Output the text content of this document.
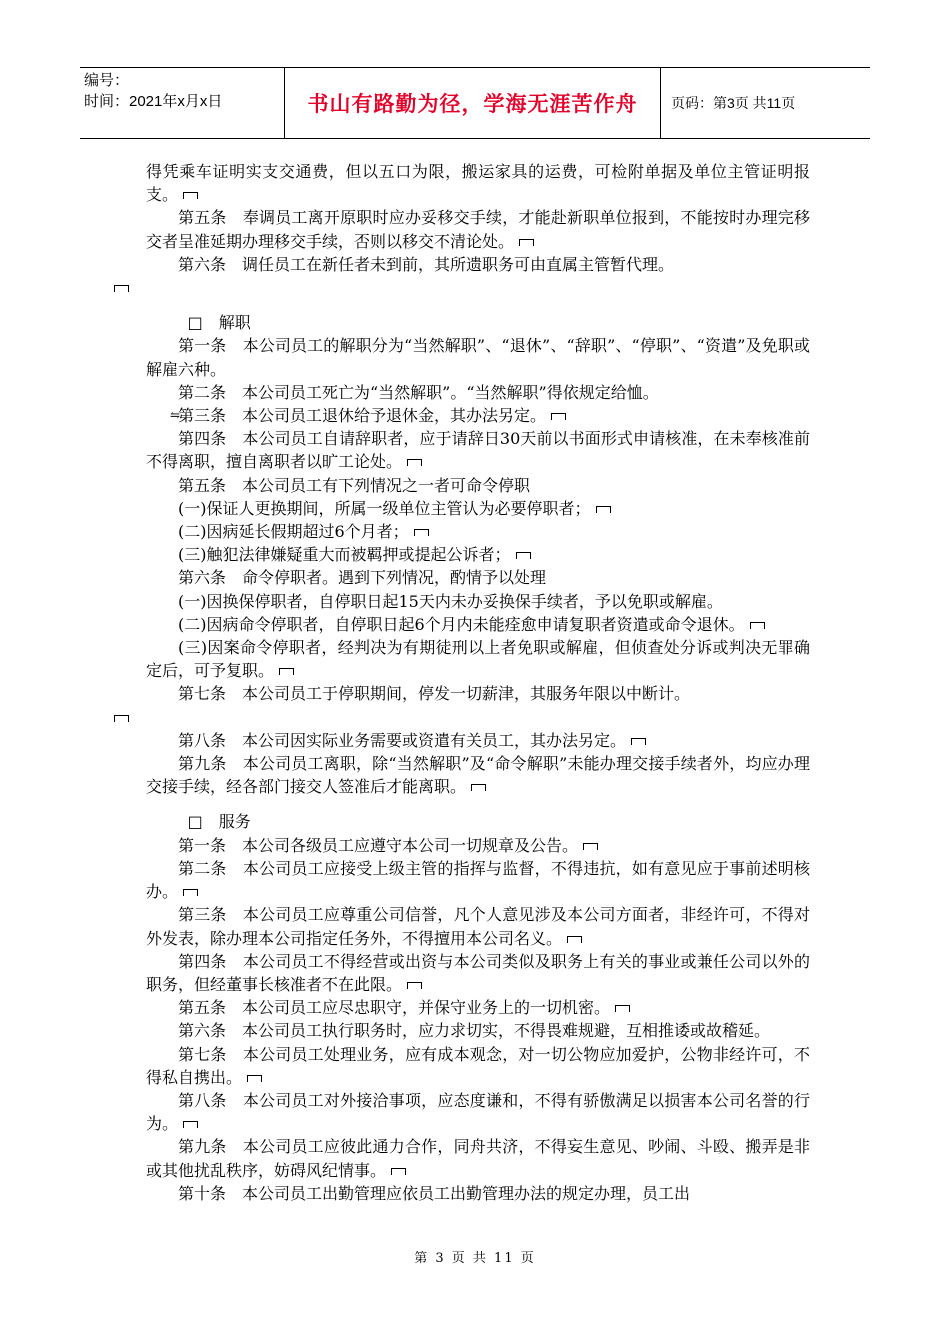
编号：
时间：2021年x月x日	书山有路勤为径，学海无涯苦作舟	页码：第3页 共11页
得凭乘车证明实支交通费，但以五口为限，搬运家具的运费，可检附单据及单位主管证明报支。
第五条　奉调员工离开原职时应办妥移交手续，才能赴新职单位报到，不能按时办理完移交者呈准延期办理移交手续，否则以移交不清论处。
第六条　调任员工在新任者未到前，其所遗职务可由直属主管暂代理。

□　解职
第一条　本公司员工的解职分为“当然解职”、“退休”、“辞职”、“停职”、“资遣”及免职或解雇六种。
第二条　本公司员工死亡为“当然解职”。“当然解职”得依规定给恤。
⇋
第三条　本公司员工退休给予退休金，其办法另定。
第四条　本公司员工自请辞职者，应于请辞日30天前以书面形式申请核准，在未奉核准前不得离职，擅自离职者以旷工论处。
第五条　本公司员工有下列情况之一者可命令停职
(一)保证人更换期间，所属一级单位主管认为必要停职者；
(二)因病延长假期超过6个月者；
(三)触犯法律嫌疑重大而被羁押或提起公诉者；
第六条　命令停职者。遇到下列情况，酌情予以处理
(一)因换保停职者，自停职日起15天内未办妥换保手续者，予以免职或解雇。
(二)因病命令停职者，自停职日起6个月内未能痊愈申请复职者资遣或命令退休。
(三)因案命令停职者，经判决为有期徒刑以上者免职或解雇，但侦查处分诉或判决无罪确定后，可予复职。
第七条　本公司员工于停职期间，停发一切薪津，其服务年限以中断计。

第八条　本公司因实际业务需要或资遣有关员工，其办法另定。
第九条　本公司员工离职，除“当然解职”及“命令解职”未能办理交接手续者外，均应办理交接手续，经各部门接交人签准后才能离职。
□　服务
第一条　本公司各级员工应遵守本公司一切规章及公告。
第二条　本公司员工应接受上级主管的指挥与监督，不得违抗，如有意见应于事前述明核办。
第三条　本公司员工应尊重公司信誉，凡个人意见涉及本公司方面者，非经许可，不得对外发表，除办理本公司指定任务外，不得擅用本公司名义。
第四条　本公司员工不得经营或出资与本公司类似及职务上有关的事业或兼任公司以外的职务，但经董事长核准者不在此限。
第五条　本公司员工应尽忠职守，并保守业务上的一切机密。
第六条　本公司员工执行职务时，应力求切实，不得畏难规避，互相推诿或故稽延。
第七条　本公司员工处理业务，应有成本观念，对一切公物应加爱护，公物非经许可，不得私自携出。
第八条　本公司员工对外接洽事项，应态度谦和，不得有骄傲满足以损害本公司名誉的行为。
第九条　本公司员工应彼此通力合作，同舟共济，不得妄生意见、吵闹、斗殴、搬弄是非或其他扰乱秩序，妨碍风纪情事。
第十条　本公司员工出勤管理应依员工出勤管理办法的规定办理，员工出
第 3 页 共 11 页
